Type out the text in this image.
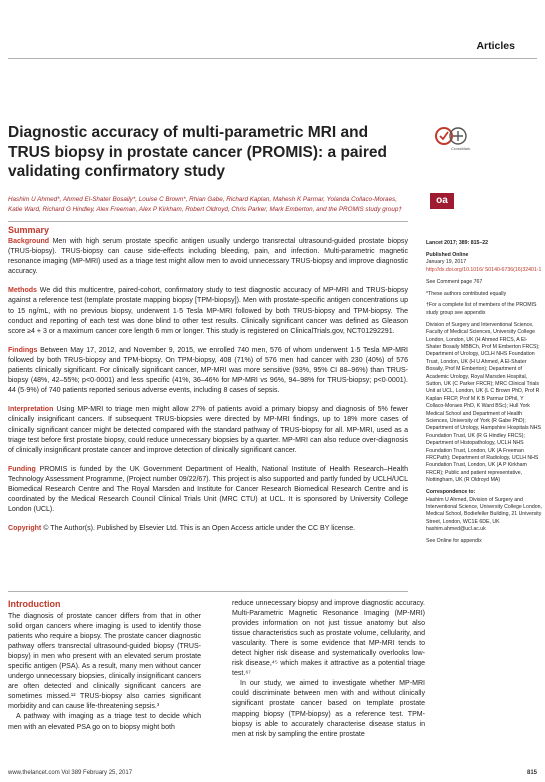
Articles
Diagnostic accuracy of multi-parametric MRI and TRUS biopsy in prostate cancer (PROMIS): a paired validating confirmatory study
CrossMark
Hashim U Ahmed*, Ahmed El-Shater Bosaily*, Louise C Brown*, Rhian Gabe, Richard Kaplan, Mahesh K Parmar, Yolanda Collaco-Moraes, Katie Ward, Richard G Hindley, Alex Freeman, Alex P Kirkham, Robert Oldroyd, Chris Parker, Mark Emberton, and the PROMIS study group†
oa
Summary

Background Men with high serum prostate specific antigen usually undergo transrectal ultrasound-guided prostate biopsy (TRUS-biopsy). TRUS-biopsy can cause side-effects including bleeding, pain, and infection. Multi-parametric magnetic resonance imaging (MP-MRI) used as a triage test might allow men to avoid unnecessary TRUS-biopsy and improve diagnostic accuracy.

Methods We did this multicentre, paired-cohort, confirmatory study to test diagnostic accuracy of MP-MRI and TRUS-biopsy against a reference test (template prostate mapping biopsy [TPM-biopsy]). Men with prostate-specific antigen concentrations up to 15 ng/mL, with no previous biopsy, underwent 1·5 Tesla MP-MRI followed by both TRUS-biopsy and TPM-biopsy. The conduct and reporting of each test was done blind to other test results. Clinically significant cancer was defined as Gleason score ≥4 + 3 or a maximum cancer core length 6 mm or longer. This study is registered on ClinicalTrials.gov, NCT01292291.

Findings Between May 17, 2012, and November 9, 2015, we enrolled 740 men, 576 of whom underwent 1·5 Tesla MP-MRI followed by both TRUS-biopsy and TPM-biopsy. On TPM-biopsy, 408 (71%) of 576 men had cancer with 230 (40%) of 576 patients clinically significant. For clinically significant cancer, MP-MRI was more sensitive (93%, 95% CI 88–96%) than TRUS-biopsy (48%, 42–55%; p<0·0001) and less specific (41%, 36–46% for MP-MRI vs 96%, 94–98% for TRUS-biopsy; p<0·0001). 44 (5·9%) of 740 patients reported serious adverse events, including 8 cases of sepsis.

Interpretation Using MP-MRI to triage men might allow 27% of patients avoid a primary biopsy and diagnosis of 5% fewer clinically insignificant cancers. If subsequent TRUS-biopsies were directed by MP-MRI findings, up to 18% more cases of clinically significant cancer might be detected compared with the standard pathway of TRUS-biopsy for all. MP-MRI, used as a triage test before first prostate biopsy, could reduce unnecessary biopsies by a quarter. MP-MRI can also reduce over-diagnosis of clinically insignificant prostate cancer and improve detection of clinically significant cancer.

Funding PROMIS is funded by the UK Government Department of Health, National Institute of Health Research–Health Technology Assessment Programme, (Project number 09/22/67). This project is also supported and partly funded by UCLH/UCL Biomedical Research Centre and The Royal Marsden and Institute for Cancer Research Biomedical Research Centre and is coordinated by the Medical Research Council Clinical Trials Unit (MRC CTU) at UCL. It is sponsored by University College London (UCL).

Copyright © The Author(s). Published by Elsevier Ltd. This is an Open Access article under the CC BY license.

Introduction

The diagnosis of prostate cancer differs from that in other solid organ cancers where imaging is used to identify those patients who require a biopsy. The prostate cancer diagnostic pathway offers transrectal ultrasound-guided biopsy (TRUS-biopsy) in men who present with an elevated serum prostate specific antigen (PSA). As a result, many men without cancer undergo unnecessary biopsies, clinically insignificant cancers are often detected and clinically significant cancers are sometimes missed.¹² TRUS-biopsy also carries significant morbidity and can cause life-threatening sepsis.³

A pathway with imaging as a triage test to decide which men with an elevated PSA go on to biopsy might both

reduce unnecessary biopsy and improve diagnostic accuracy. Multi-Parametric Magnetic Resonance Imaging (MP-MRI) provides information on not just tissue anatomy but also tissue characteristics such as prostate volume, cellularity, and vascularity. There is some evidence that MP-MRI tends to detect higher risk disease and systematically overlooks low-risk disease,⁴⁵ which makes it attractive as a potential triage test.⁶⁷

In our study, we aimed to investigate whether MP-MRI could discriminate between men with and without clinically significant prostate cancer based on template prostate mapping biopsy (TPM-biopsy) as a reference test. TPM-biopsy is able to accurately characterise disease status in men at risk by sampling the entire prostate

Lancet 2017; 389: 815–22
Published Online
January 19, 2017
http://dx.doi.org/10.1016/ S0140-6736(16)32401-1
See Comment page 767
*These authors contributed equally
†For a complete list of members of the PROMIS study group see appendix
Division of Surgery and Interventional Science, Faculty of Medical Sciences, University College London, London, UK (H Ahmed FRCS, A El-Shater Bosaily MBBCh, Prof M Emberton FRCS); Department of Urology, UCLH NHS Foundation Trust, London, UK (H U Ahmed, A El-Shater Bosaily, Prof M Emberton); Department of Academic Urology, Royal Marsden Hospital, Sutton, UK (C Parker FRCR); MRC Clinical Trials Unit at UCL, London, UK (L C Brown PhD, Prof R Kaplan FRCP, Prof M K B Parmar DPhil, Y Collaco-Moraes PhD, K Ward BSc); Hull York Medical School and Department of Health Sciences, University of York (R Gabe PhD); Department of Urology, Hampshire Hospitals NHS Foundation Trust, UK (R G Hindley FRCS); Department of Histopathology, UCLH NHS Foundation Trust, London, UK (A Freeman FRCPath); Department of Radiology, UCLH NHS Foundation Trust, London, UK (A P Kirkham FRCR); Public and patient representative, Nottingham, UK (R Oldroyd MA)
Correspondence to:
Hashim U Ahmed, Division of Surgery and Interventional Science, University College London, Medical School, Bodiefeller Building, 21 University Street, London, WC1E 6DE, UK hashim.ahmed@ucl.ac.uk
See Online for appendix
www.thelancet.com Vol 389 February 25, 2017	815
